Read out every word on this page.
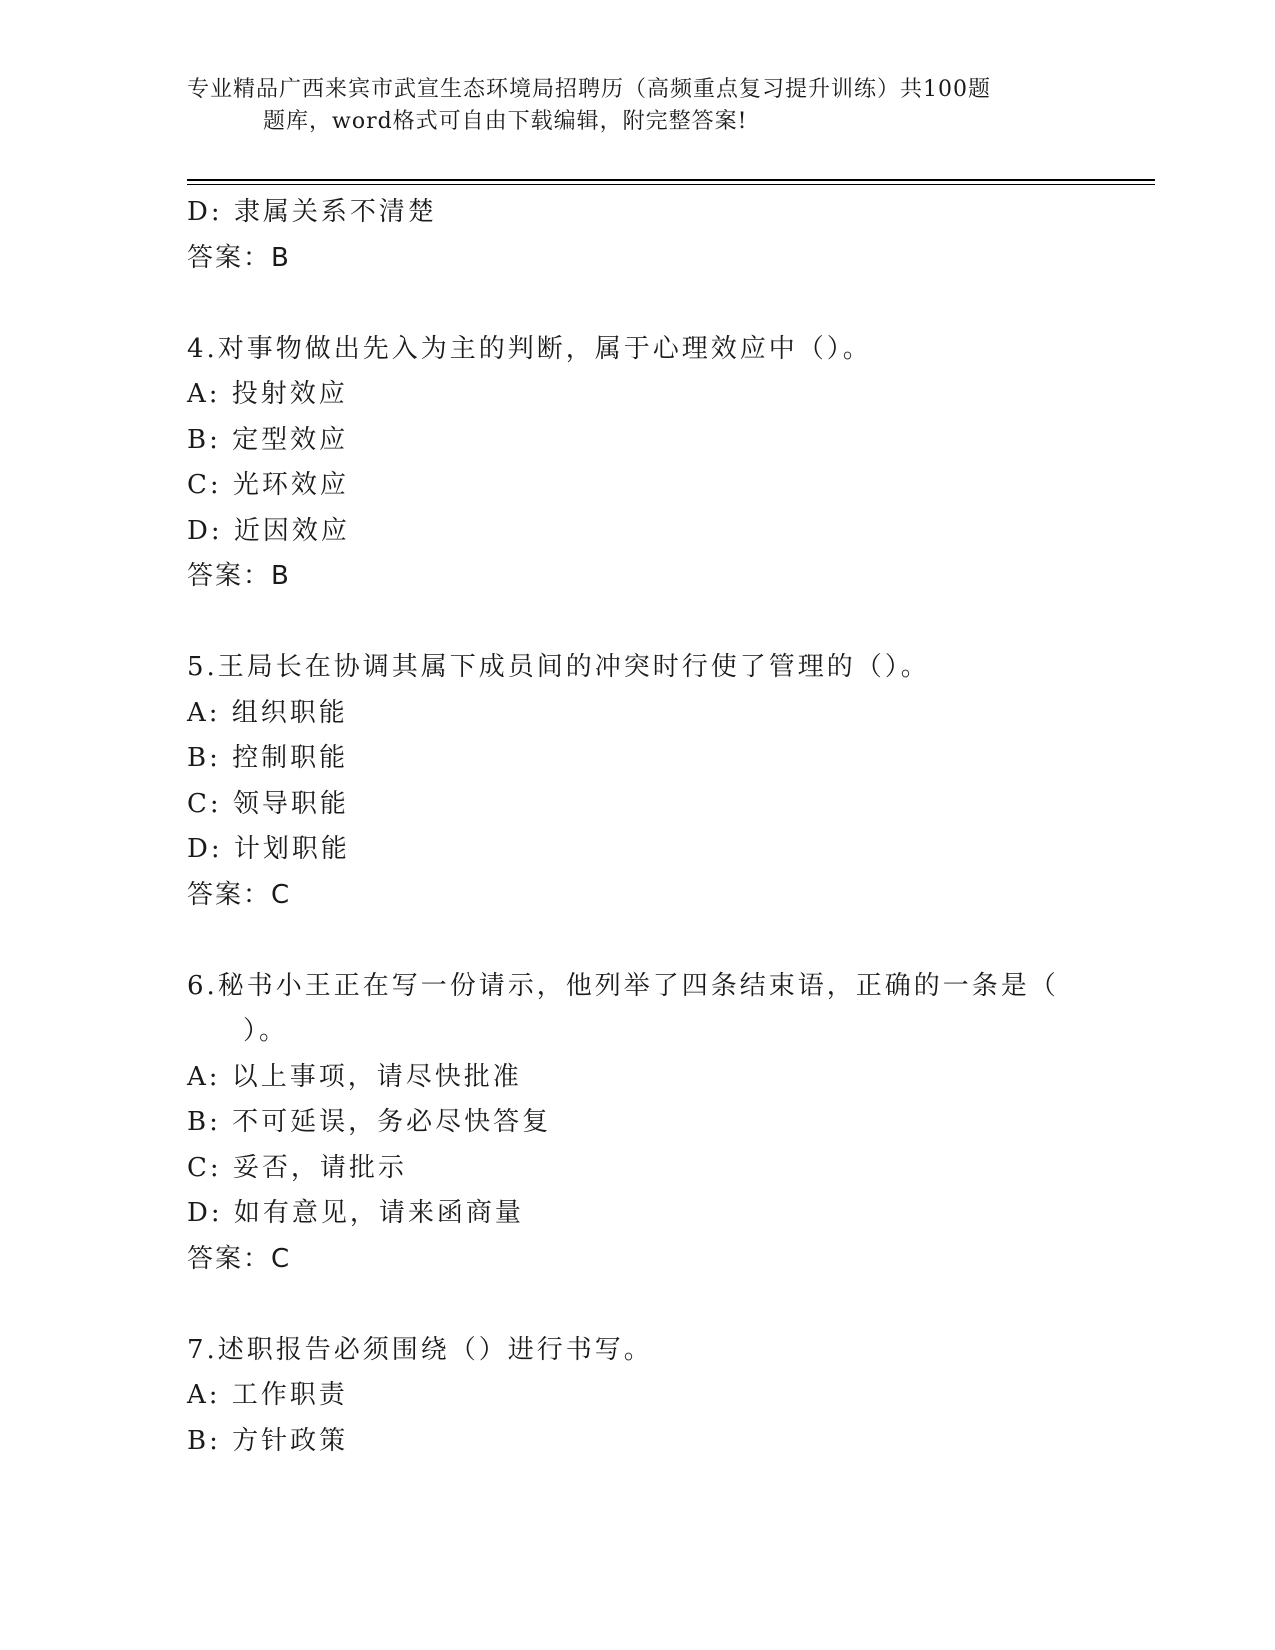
专业精品广西来宾市武宣生态环境局招聘历（高频重点复习提升训练）共100题
题库，word格式可自由下载编辑，附完整答案!
D: 隶属关系不清楚
答案：B
4.对事物做出先入为主的判断，属于心理效应中（）。
A: 投射效应
B: 定型效应
C: 光环效应
D: 近因效应
答案：B
5.王局长在协调其属下成员间的冲突时行使了管理的（）。
A: 组织职能
B: 控制职能
C: 领导职能
D: 计划职能
答案：C
6.秘书小王正在写一份请示，他列举了四条结束语，正确的一条是（
）。
A: 以上事项，请尽快批准
B: 不可延误，务必尽快答复
C: 妥否，请批示
D: 如有意见，请来函商量
答案：C
7.述职报告必须围绕（）进行书写。
A: 工作职责
B: 方针政策
